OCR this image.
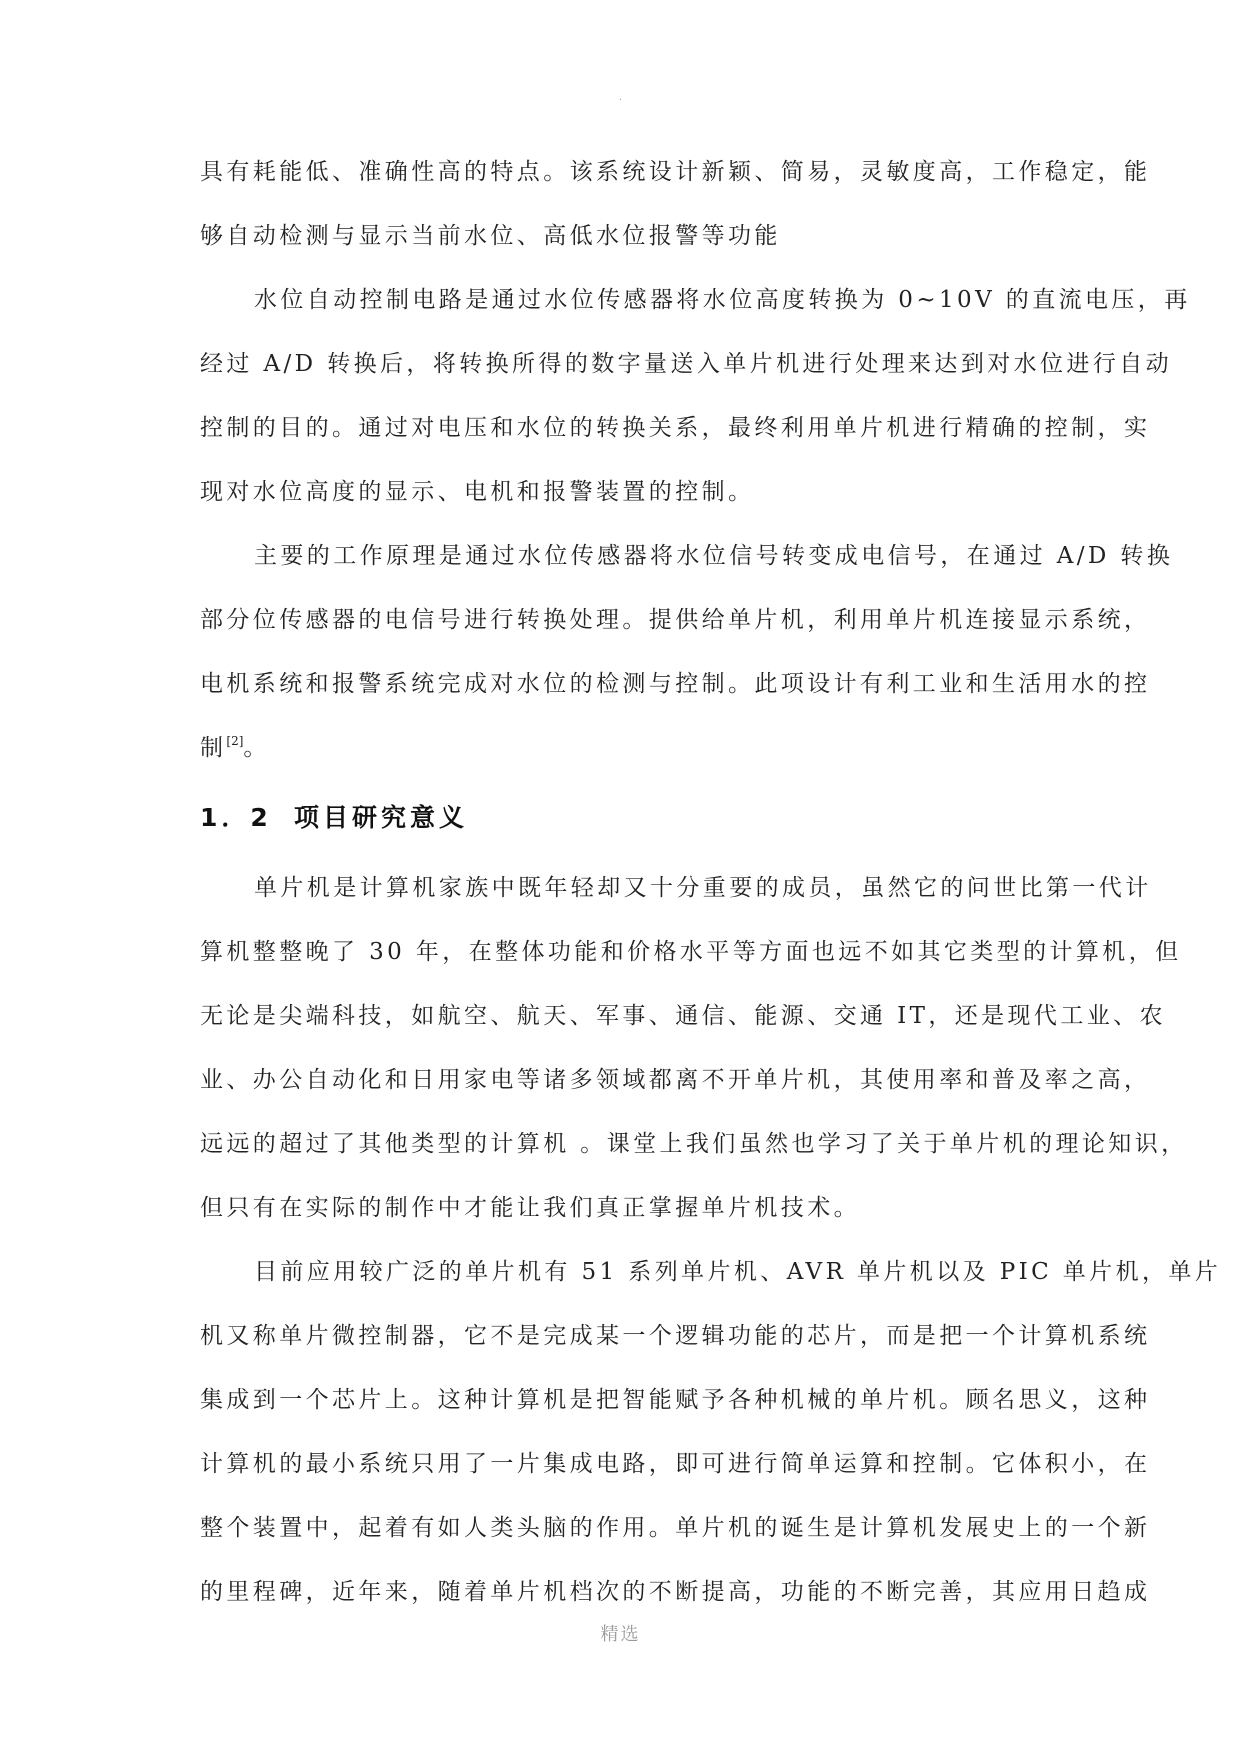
.
具有耗能低、准确性高的特点。该系统设计新颖、简易，灵敏度高，工作稳定，能
够自动检测与显示当前水位、高低水位报警等功能
水位自动控制电路是通过水位传感器将水位高度转换为 0~10V 的直流电压，再
经过 A/D 转换后，将转换所得的数字量送入单片机进行处理来达到对水位进行自动
控制的目的。通过对电压和水位的转换关系，最终利用单片机进行精确的控制，实
现对水位高度的显示、电机和报警装置的控制。
主要的工作原理是通过水位传感器将水位信号转变成电信号，在通过 A/D 转换
部分位传感器的电信号进行转换处理。提供给单片机，利用单片机连接显示系统，
电机系统和报警系统完成对水位的检测与控制。此项设计有利工业和生活用水的控
制[2]。
1．2 项目研究意义
单片机是计算机家族中既年轻却又十分重要的成员，虽然它的问世比第一代计
算机整整晚了 30 年，在整体功能和价格水平等方面也远不如其它类型的计算机，但
无论是尖端科技，如航空、航天、军事、通信、能源、交通 IT，还是现代工业、农
业、办公自动化和日用家电等诸多领域都离不开单片机，其使用率和普及率之高，
远远的超过了其他类型的计算机 。课堂上我们虽然也学习了关于单片机的理论知识，
但只有在实际的制作中才能让我们真正掌握单片机技术。
目前应用较广泛的单片机有 51 系列单片机、AVR 单片机以及 PIC 单片机，单片
机又称单片微控制器，它不是完成某一个逻辑功能的芯片，而是把一个计算机系统
集成到一个芯片上。这种计算机是把智能赋予各种机械的单片机。顾名思义，这种
计算机的最小系统只用了一片集成电路，即可进行简单运算和控制。它体积小，在
整个装置中，起着有如人类头脑的作用。单片机的诞生是计算机发展史上的一个新
的里程碑，近年来，随着单片机档次的不断提高，功能的不断完善，其应用日趋成
精选
